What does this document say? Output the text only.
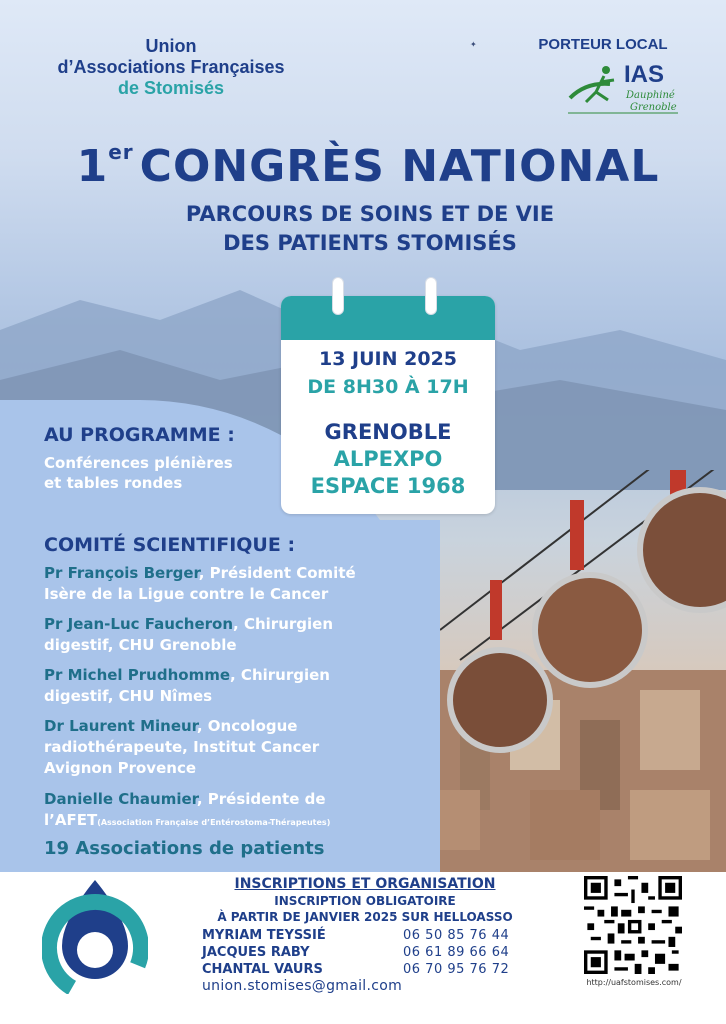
Union
d’Associations Françaises
de Stomisés
✦	PORTEUR LOCAL
IAS
Dauphiné
Grenoble
1er CONGRÈS NATIONAL
PARCOURS DE SOINS ET DE VIE
DES PATIENTS STOMISÉS
13 JUIN 2025
DE 8H30 À 17H
GRENOBLE
ALPEXPO
ESPACE 1968
AU PROGRAMME :
Conférences plénières
et tables rondes
COMITÉ SCIENTIFIQUE :
Pr François Berger, Président Comité
Isère de la Ligue contre le Cancer
Pr Jean-Luc Faucheron, Chirurgien
digestif, CHU Grenoble
Pr Michel Prudhomme, Chirurgien
digestif, CHU Nîmes
Dr Laurent Mineur, Oncologue
radiothérapeute, Institut Cancer
Avignon Provence
Danielle Chaumier, Présidente de
l’AFET(Association Française d’Entérostoma-Thérapeutes)
19 Associations de patients
INSCRIPTIONS ET ORGANISATION
INSCRIPTION OBLIGATOIRE
À PARTIR DE JANVIER 2025 SUR HELLOASSO
MYRIAM TEYSSIÉ	06 50 85 76 44
JACQUES RABY	06 61 89 66 64
CHANTAL VAURS	06 70 95 76 72
union.stomises@gmail.com	http://uafstomises.com/
